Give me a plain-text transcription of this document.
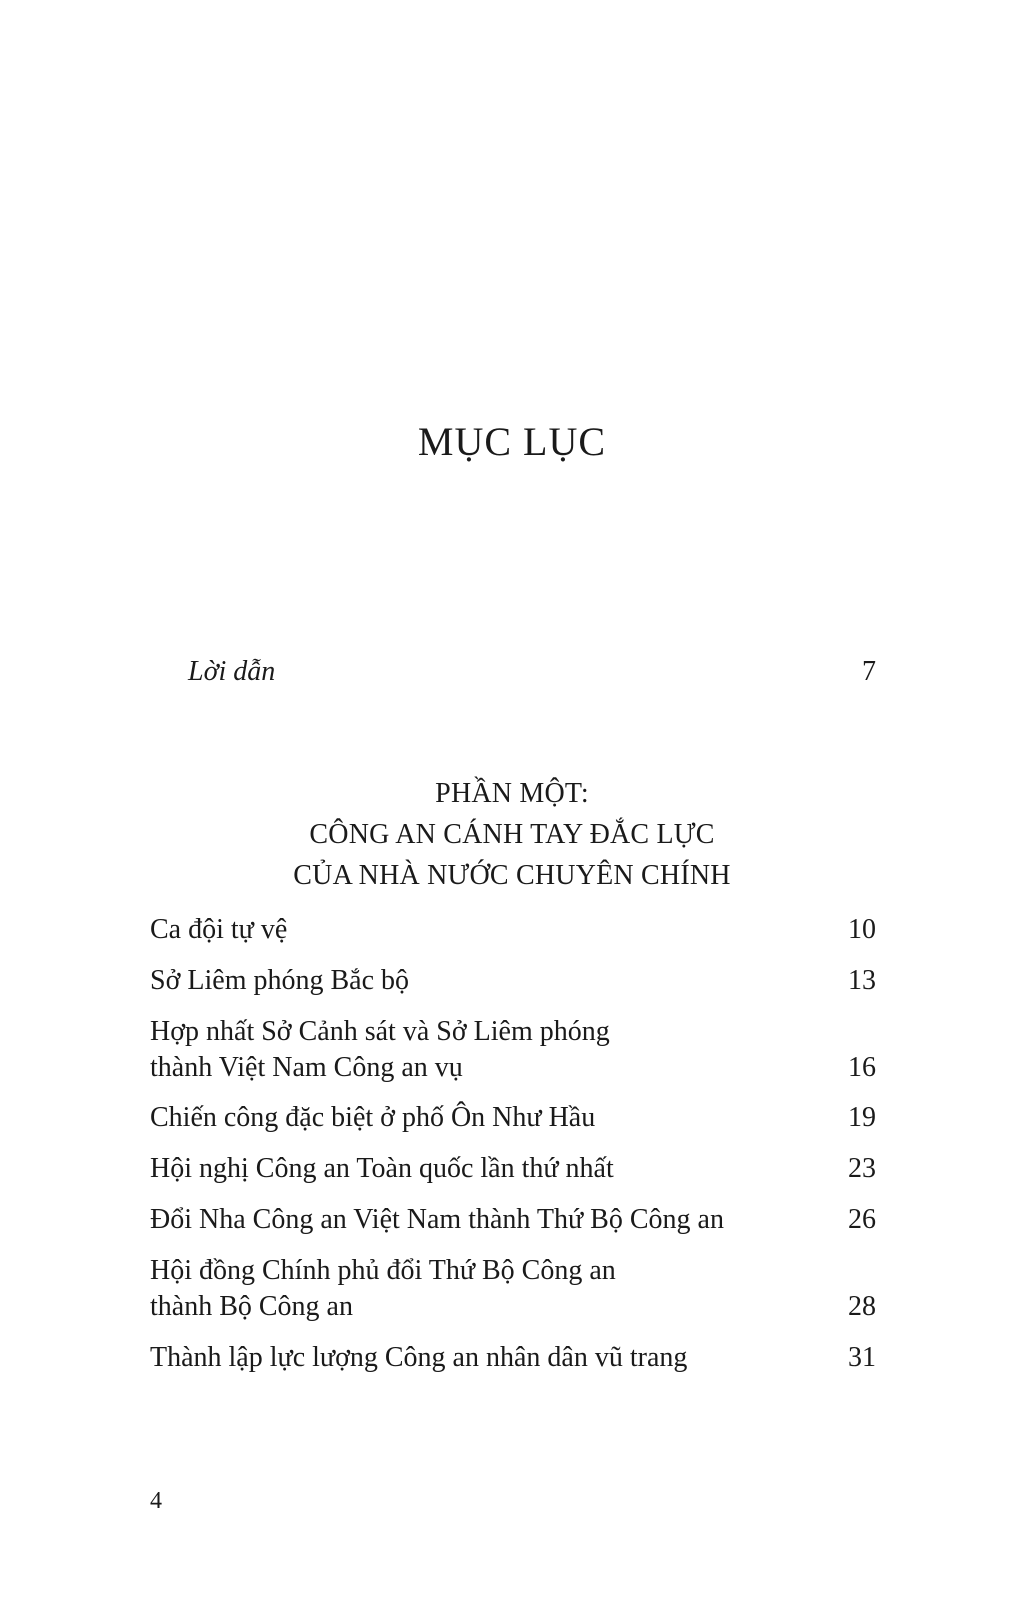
MỤC LỤC
Lời dẫn	7
PHẦN MỘT:
CÔNG AN CÁNH TAY ĐẮC LỰC
CỦA NHÀ NƯỚC CHUYÊN CHÍNH
Ca đội tự vệ	10
Sở Liêm phóng Bắc bộ	13
Hợp nhất Sở Cảnh sát và Sở Liêm phóng
thành Việt Nam Công an vụ	16
Chiến công đặc biệt ở phố Ôn Như Hầu	19
Hội nghị Công an Toàn quốc lần thứ nhất	23
Đổi Nha Công an Việt Nam thành Thứ Bộ Công an	26
Hội đồng Chính phủ đổi Thứ Bộ Công an
thành Bộ Công an	28
Thành lập lực lượng Công an nhân dân vũ trang	31
4
